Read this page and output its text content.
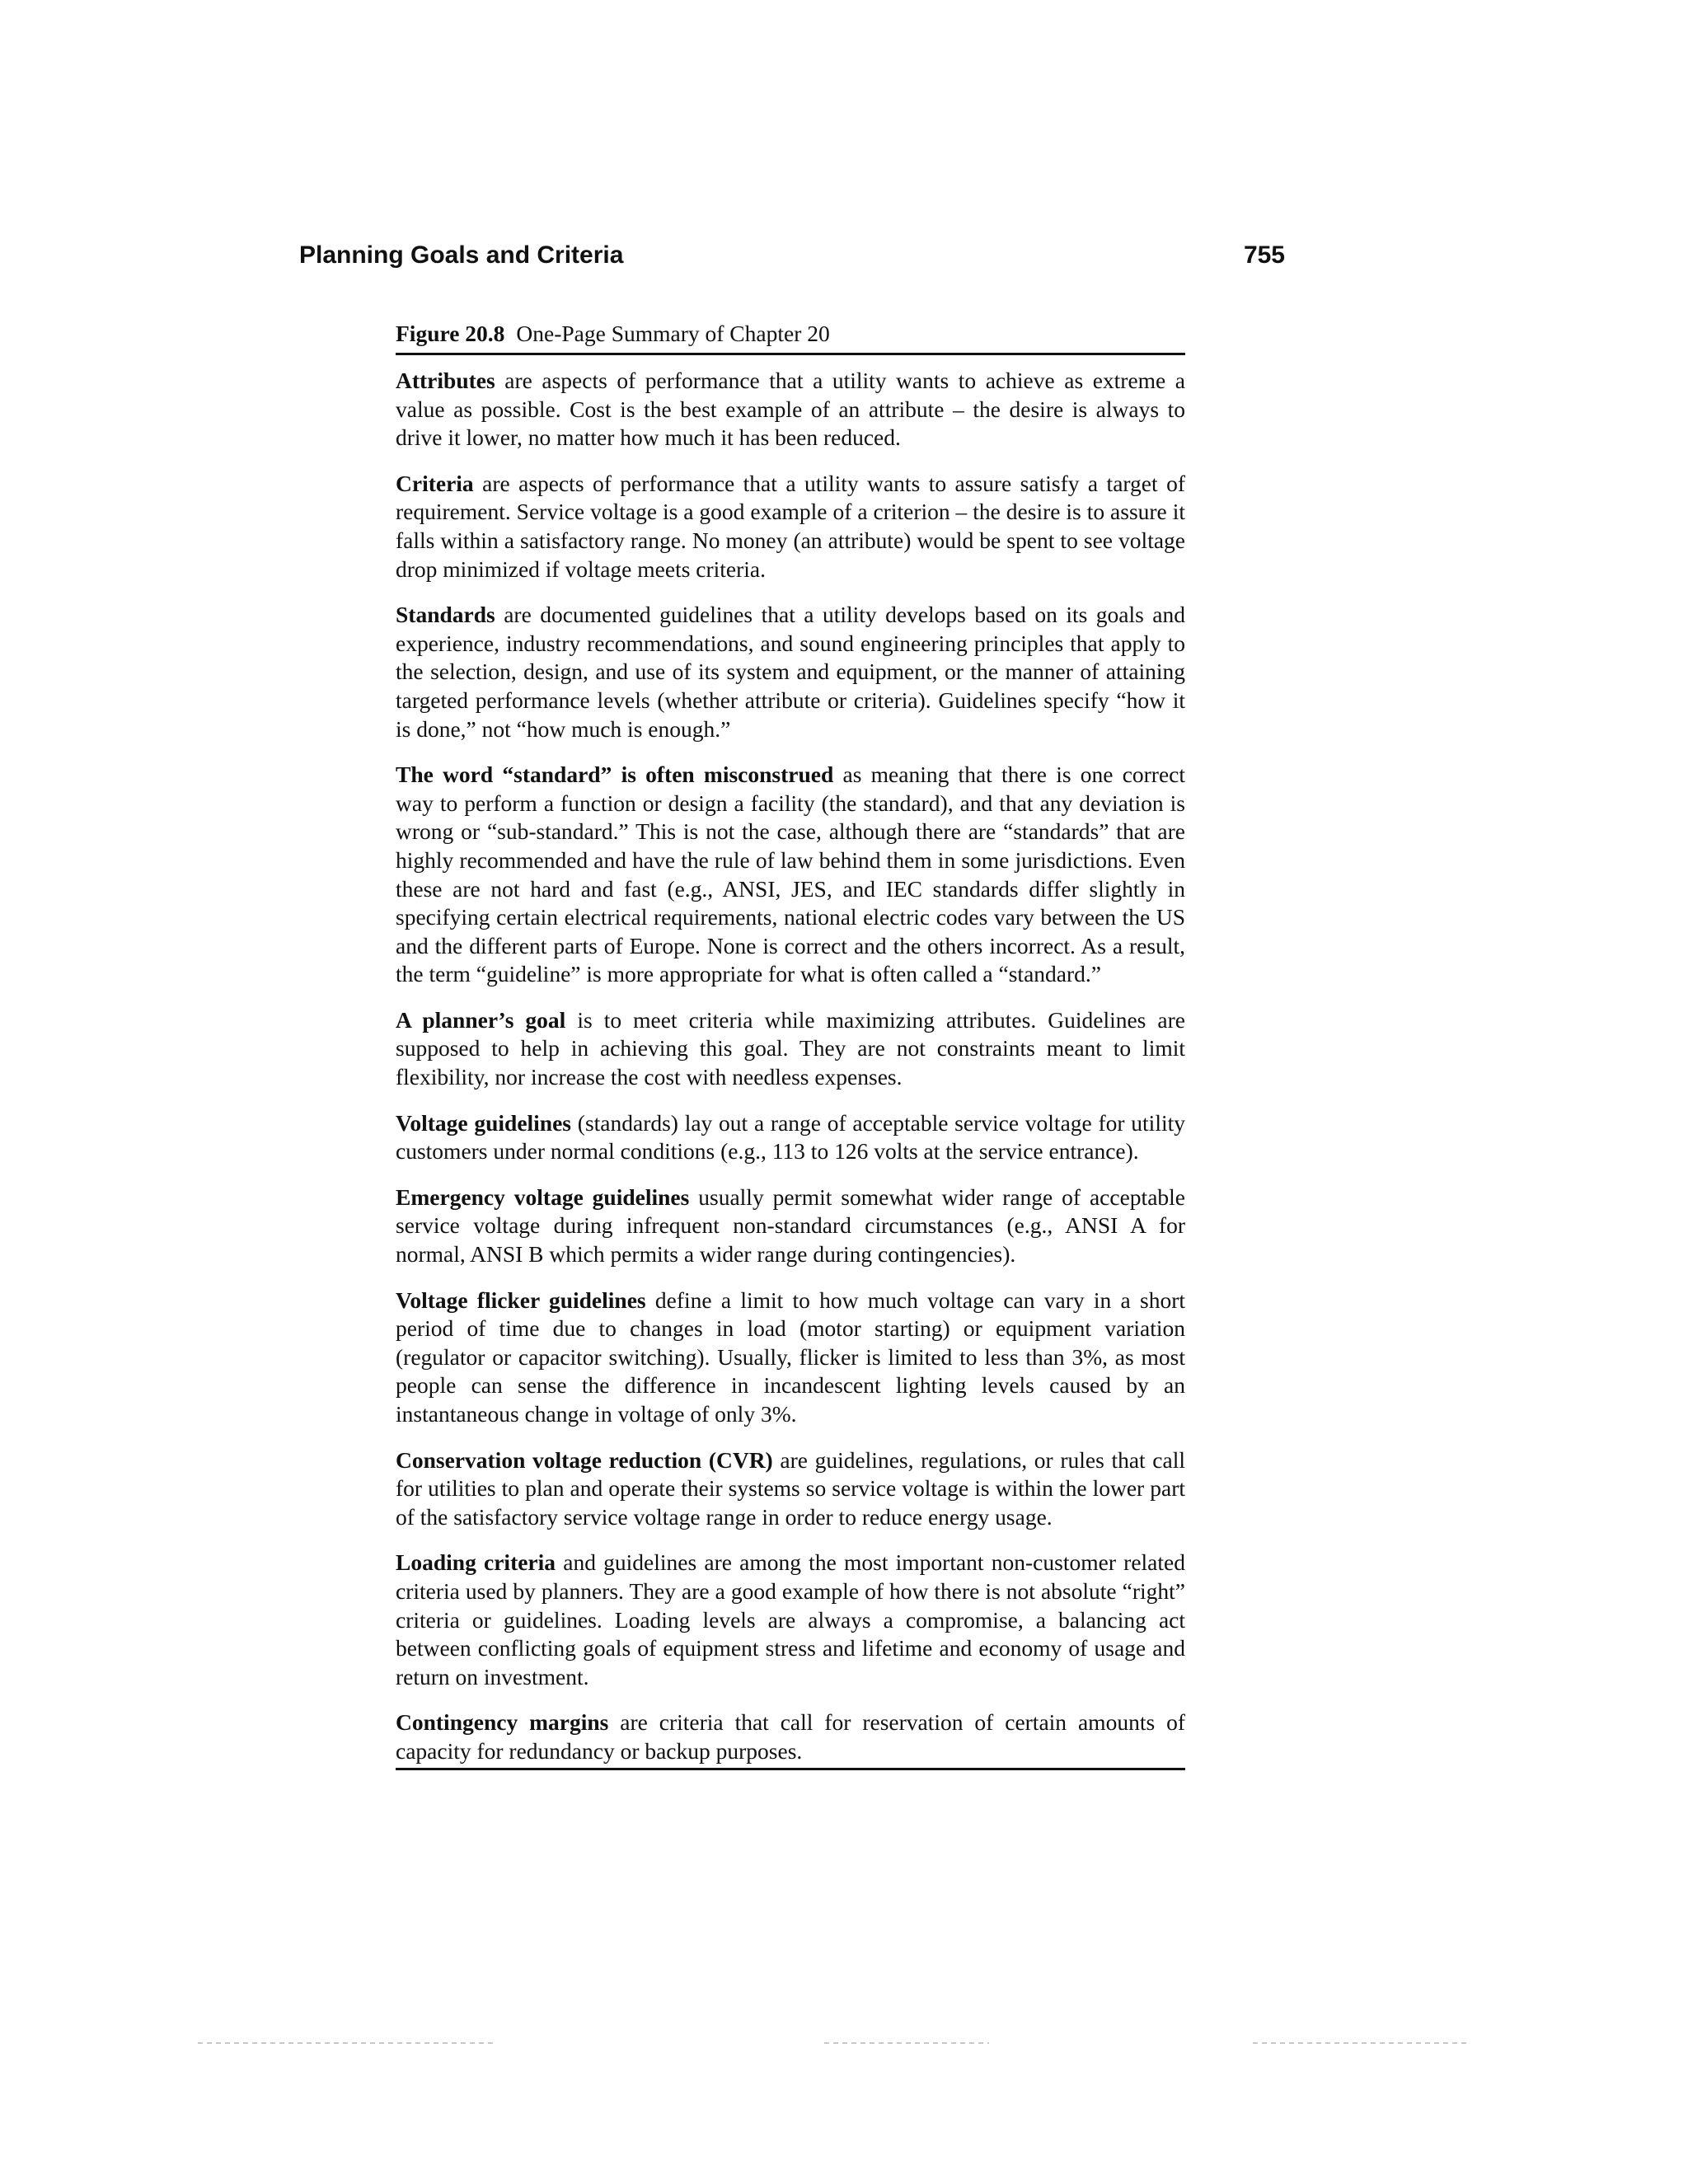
Planning Goals and Criteria	755

Figure 20.8 One-Page Summary of Chapter 20

Attributes are aspects of performance that a utility wants to achieve as extreme a value as possible. Cost is the best example of an attribute – the desire is always to drive it lower, no matter how much it has been reduced.

Criteria are aspects of performance that a utility wants to assure satisfy a target of requirement. Service voltage is a good example of a criterion – the desire is to assure it falls within a satisfactory range. No money (an attribute) would be spent to see voltage drop minimized if voltage meets criteria.

Standards are documented guidelines that a utility develops based on its goals and experience, industry recommendations, and sound engineering principles that apply to the selection, design, and use of its system and equipment, or the manner of attaining targeted performance levels (whether attribute or criteria). Guidelines specify “how it is done,” not “how much is enough.”

The word “standard” is often misconstrued as meaning that there is one correct way to perform a function or design a facility (the standard), and that any deviation is wrong or “sub-standard.” This is not the case, although there are “standards” that are highly recommended and have the rule of law behind them in some jurisdictions. Even these are not hard and fast (e.g., ANSI, JES, and IEC standards differ slightly in specifying certain electrical requirements, national electric codes vary between the US and the different parts of Europe. None is correct and the others incorrect. As a result, the term “guideline” is more appropriate for what is often called a “standard.”

A planner’s goal is to meet criteria while maximizing attributes. Guidelines are supposed to help in achieving this goal. They are not constraints meant to limit flexibility, nor increase the cost with needless expenses.

Voltage guidelines (standards) lay out a range of acceptable service voltage for utility customers under normal conditions (e.g., 113 to 126 volts at the service entrance).

Emergency voltage guidelines usually permit somewhat wider range of acceptable service voltage during infrequent non-standard circumstances (e.g., ANSI A for normal, ANSI B which permits a wider range during contingencies).

Voltage flicker guidelines define a limit to how much voltage can vary in a short period of time due to changes in load (motor starting) or equipment variation (regulator or capacitor switching). Usually, flicker is limited to less than 3%, as most people can sense the difference in incandescent lighting levels caused by an instantaneous change in voltage of only 3%.

Conservation voltage reduction (CVR) are guidelines, regulations, or rules that call for utilities to plan and operate their systems so service voltage is within the lower part of the satisfactory service voltage range in order to reduce energy usage.

Loading criteria and guidelines are among the most important non-customer related criteria used by planners. They are a good example of how there is not absolute “right” criteria or guidelines. Loading levels are always a compromise, a balancing act between conflicting goals of equipment stress and lifetime and economy of usage and return on investment.

Contingency margins are criteria that call for reservation of certain amounts of capacity for redundancy or backup purposes.
